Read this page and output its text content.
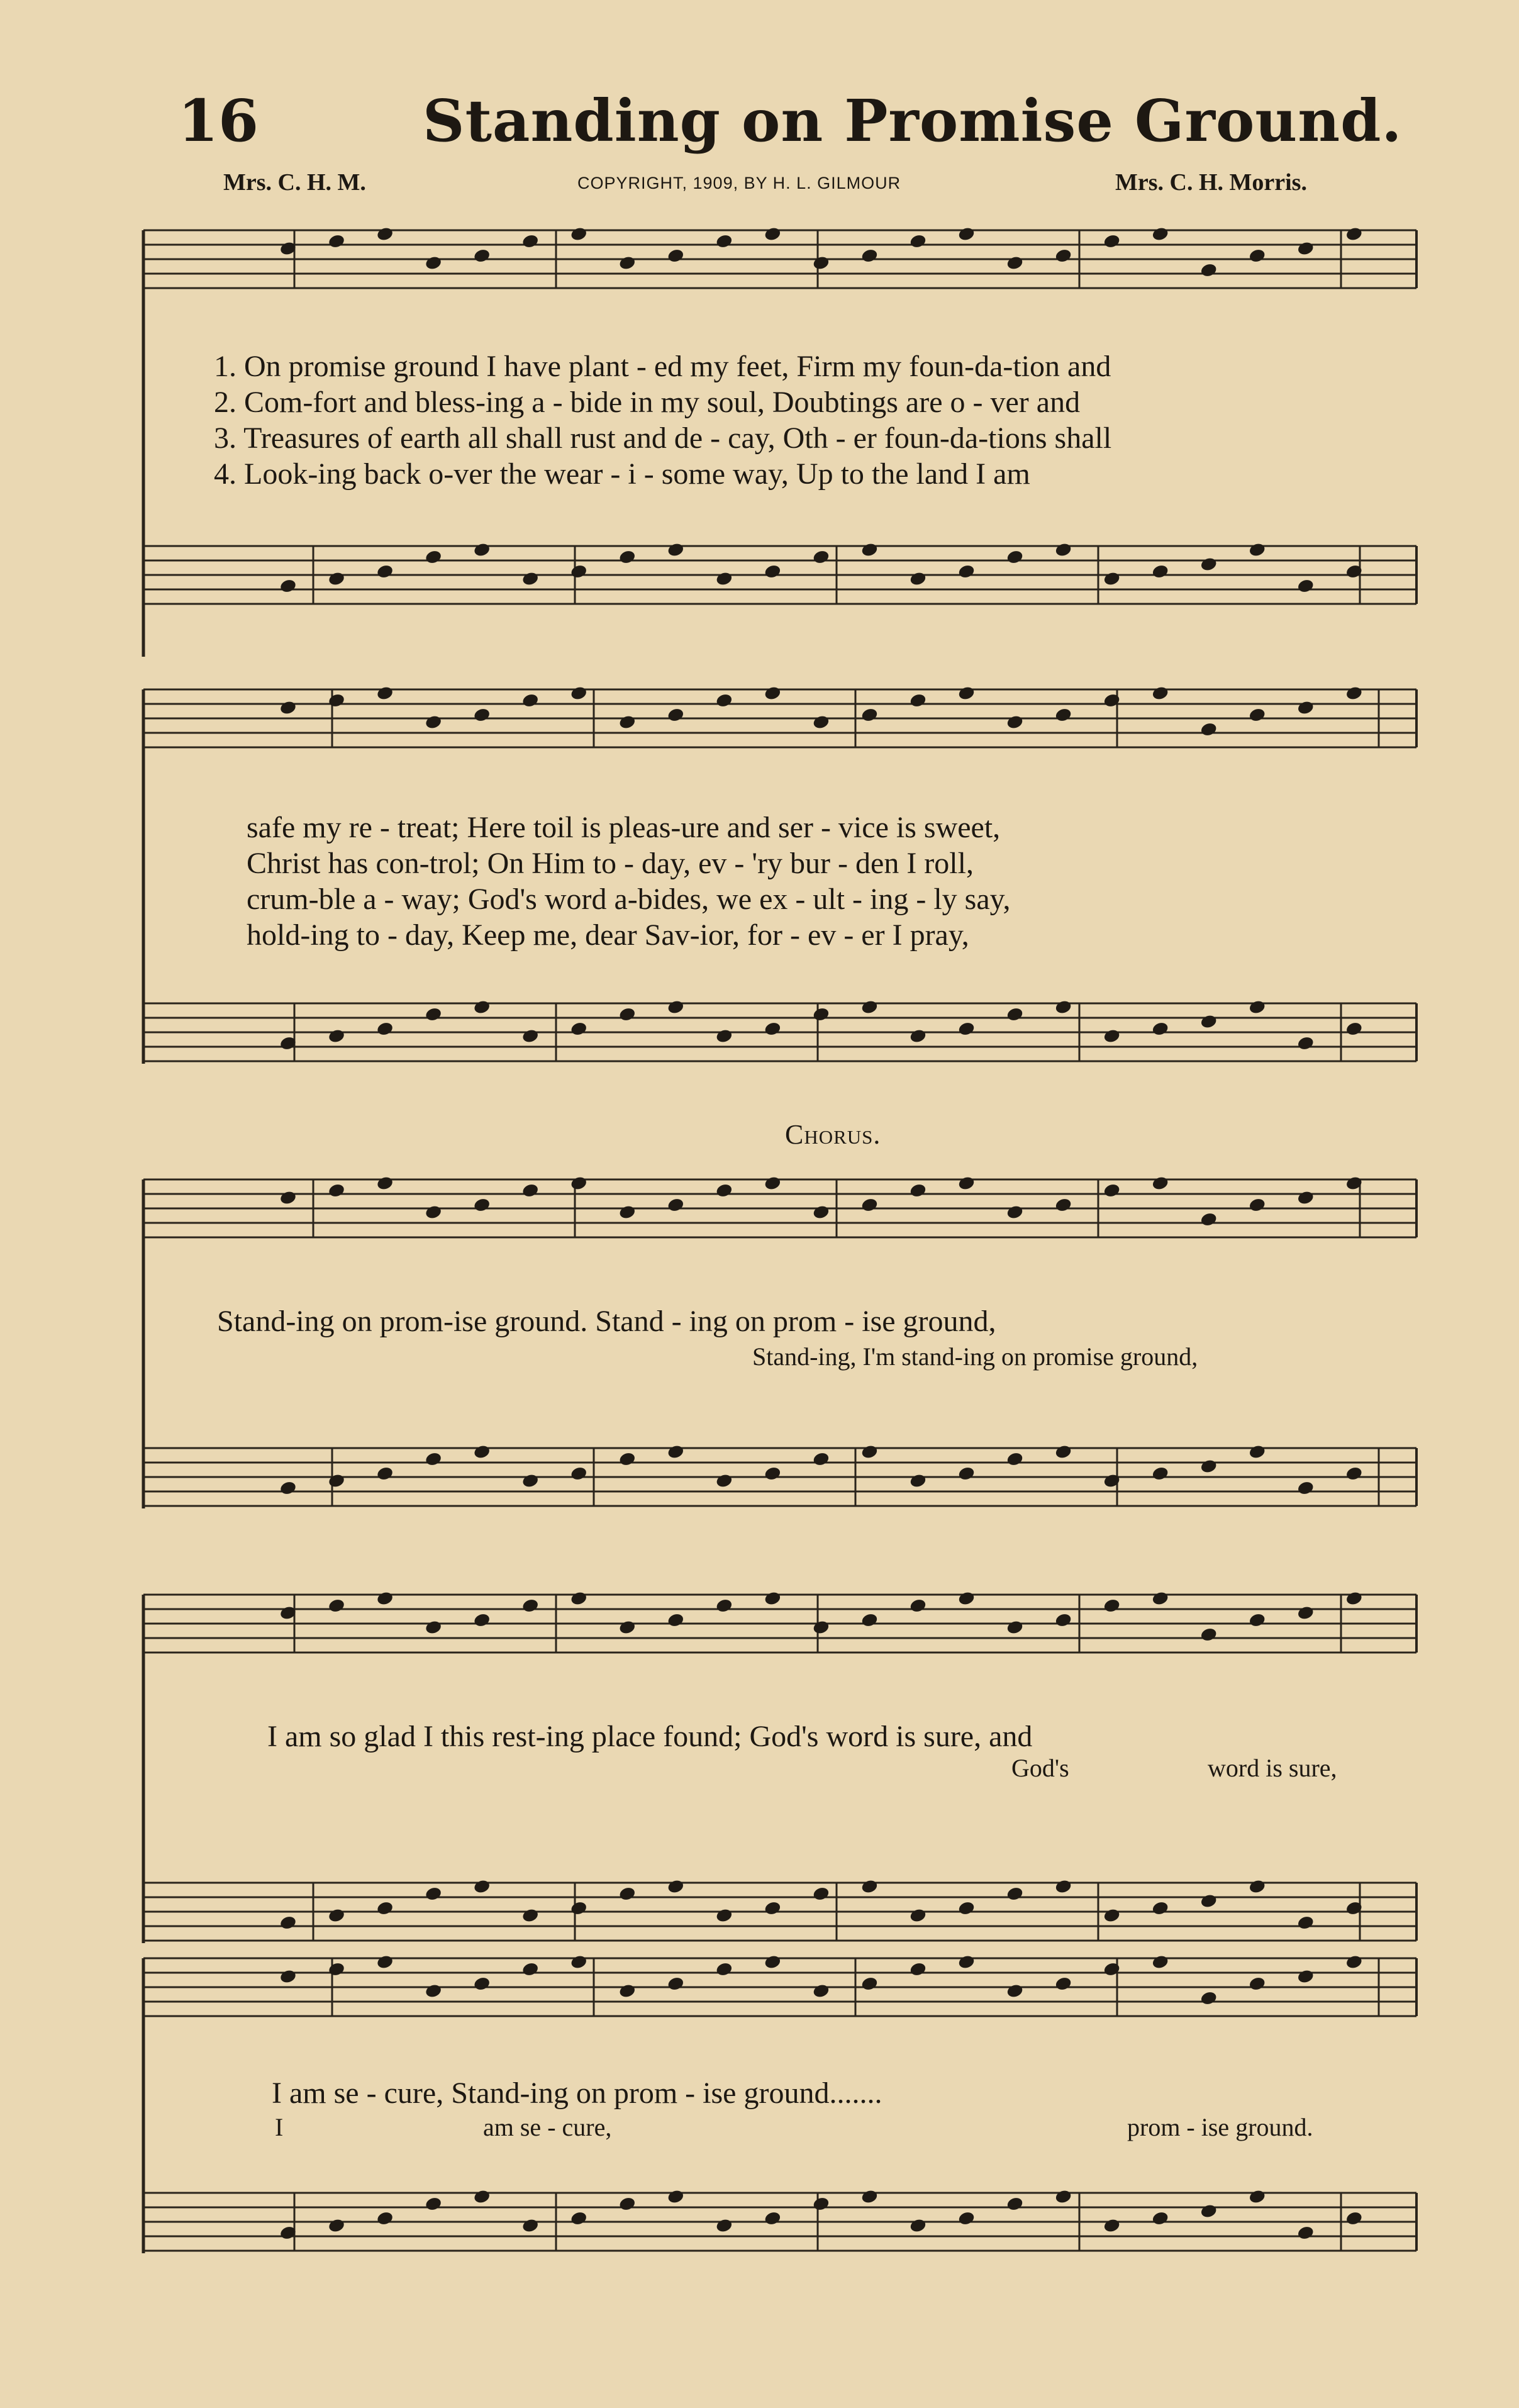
16	Standing on Promise Ground.
Mrs. C. H. M.	COPYRIGHT, 1909, BY H. L. GILMOUR	Mrs. C. H. Morris.
1. On promise ground I have plant - ed my feet, Firm my foun-da-tion and
2. Com-fort and bless-ing a - bide in my soul, Doubtings are o - ver and
3. Treasures of earth all shall rust and de - cay, Oth - er foun-da-tions shall
4. Look-ing back o-ver the wear - i - some way, Up to the land I am
safe my re - treat; Here toil is pleas-ure and ser - vice is sweet,
Christ has con-trol; On Him to - day, ev - 'ry bur - den I roll,
crum-ble a - way; God's word a-bides, we ex - ult - ing - ly say,
hold-ing to - day, Keep me, dear Sav-ior, for - ev - er I pray,
Chorus.
Stand-ing on prom-ise ground. Stand - ing on prom - ise ground,
Stand-ing, I'm stand-ing on promise ground,
I am so glad I this rest-ing place found; God's word is sure, and
God's	word is sure,
I am se - cure, Stand-ing on prom - ise ground.......
I	am se - cure,	prom - ise ground.
